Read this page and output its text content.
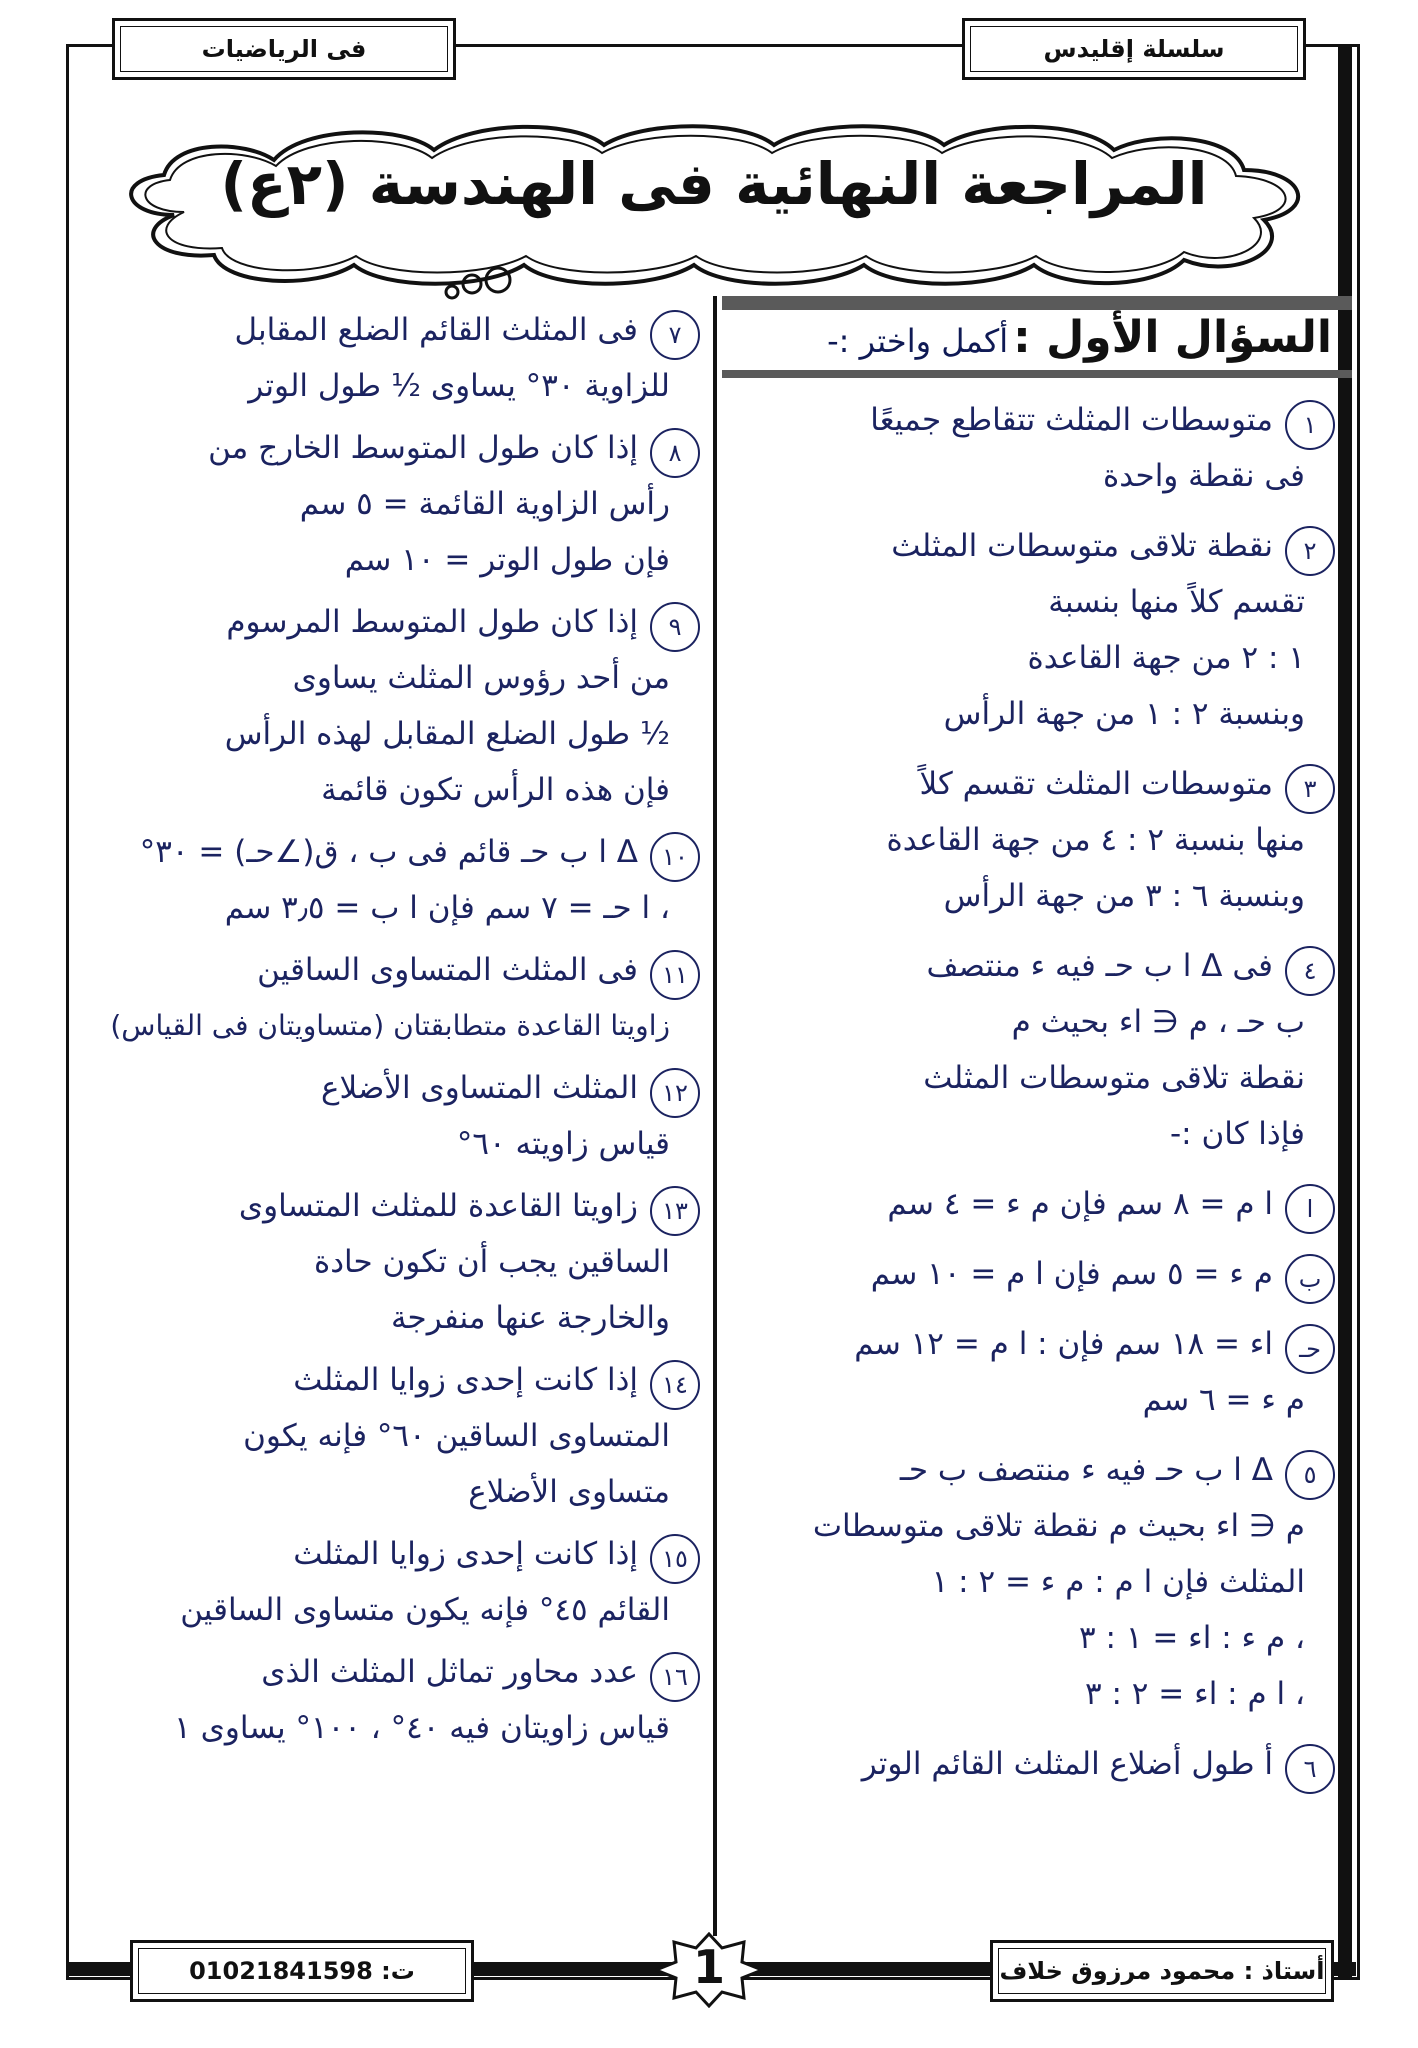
سلسلة إقليدس
فى الرياضيات
المراجعة النهائية فى الهندسة (٢ع)
السؤال الأول : أكمل واختر :-
١
متوسطات المثلث تتقاطع جميعًا
فى نقطة واحدة
٢
نقطة تلاقى متوسطات المثلث
تقسم كلاً منها بنسبة
١ : ٢ من جهة القاعدة
وبنسبة ٢ : ١ من جهة الرأس
٣
متوسطات المثلث تقسم كلاً
منها بنسبة ٢ : ٤ من جهة القاعدة
وبنسبة ٦ : ٣ من جهة الرأس
٤
فى Δ ا ب حـ فيه ء منتصف
ب حـ ، م ∈ اء بحيث م
نقطة تلاقى متوسطات المثلث
فإذا كان :-
ا
ا م = ٨ سم فإن م ء = ٤ سم
ب
م ء = ٥ سم فإن ا م = ١٠ سم
حـ
اء = ١٨ سم فإن : ا م = ١٢ سم
م ء = ٦ سم
٥
Δ ا ب حـ فيه ء منتصف ب حـ
م ∈ اء بحيث م نقطة تلاقى متوسطات
المثلث فإن ا م : م ء = ٢ : ١
، م ء : اء = ١ : ٣
، ا م : اء = ٢ : ٣
٦
أ طول أضلاع المثلث القائم الوتر
٧
فى المثلث القائم الضلع المقابل
للزاوية ٣٠° يساوى ½ طول الوتر
٨
إذا كان طول المتوسط الخارج من
رأس الزاوية القائمة = ٥ سم
فإن طول الوتر = ١٠ سم
٩
إذا كان طول المتوسط المرسوم
من أحد رؤوس المثلث يساوى
½ طول الضلع المقابل لهذه الرأس
فإن هذه الرأس تكون قائمة
١٠
Δ ا ب حـ قائم فى ب ، ق(∠حـ) = ٣٠°
، ا حـ = ٧ سم فإن ا ب = ٣٫٥ سم
١١
فى المثلث المتساوى الساقين
زاويتا القاعدة متطابقتان (متساويتان فى القياس)
١٢
المثلث المتساوى الأضلاع
قياس زاويته ٦٠°
١٣
زاويتا القاعدة للمثلث المتساوى
الساقين يجب أن تكون حادة
والخارجة عنها منفرجة
١٤
إذا كانت إحدى زوايا المثلث
المتساوى الساقين ٦٠° فإنه يكون
متساوى الأضلاع
١٥
إذا كانت إحدى زوايا المثلث
القائم ٤٥° فإنه يكون متساوى الساقين
١٦
عدد محاور تماثل المثلث الذى
قياس زاويتان فيه ٤٠° ، ١٠٠° يساوى ١
ت: 01021841598	أستاذ : محمود مرزوق خلاف
1
